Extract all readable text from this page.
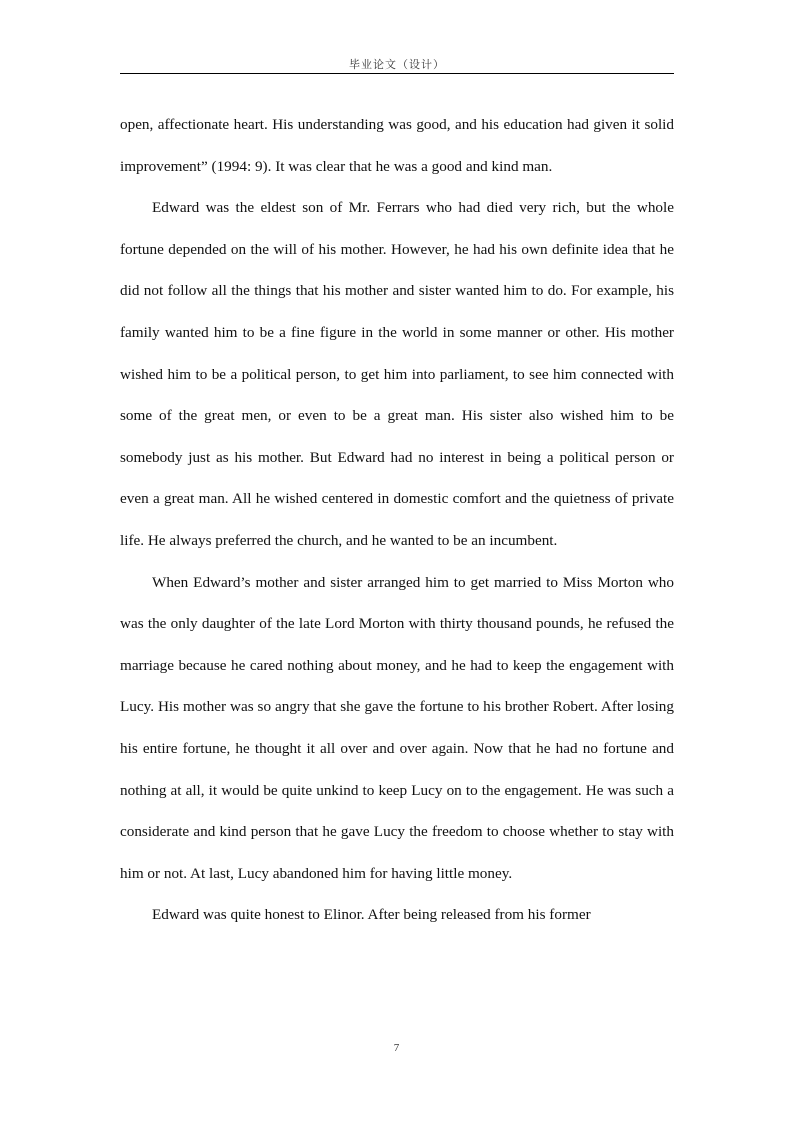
毕业论文（设计）

open, affectionate heart. His understanding was good, and his education had given it solid improvement” (1994: 9). It was clear that he was a good and kind man.

Edward was the eldest son of Mr. Ferrars who had died very rich, but the whole fortune depended on the will of his mother. However, he had his own definite idea that he did not follow all the things that his mother and sister wanted him to do. For example, his family wanted him to be a fine figure in the world in some manner or other. His mother wished him to be a political person, to get him into parliament, to see him connected with some of the great men, or even to be a great man. His sister also wished him to be somebody just as his mother. But Edward had no interest in being a political person or even a great man. All he wished centered in domestic comfort and the quietness of private life. He always preferred the church, and he wanted to be an incumbent.

When Edward’s mother and sister arranged him to get married to Miss Morton who was the only daughter of the late Lord Morton with thirty thousand pounds, he refused the marriage because he cared nothing about money, and he had to keep the engagement with Lucy. His mother was so angry that she gave the fortune to his brother Robert. After losing his entire fortune, he thought it all over and over again. Now that he had no fortune and nothing at all, it would be quite unkind to keep Lucy on to the engagement. He was such a considerate and kind person that he gave Lucy the freedom to choose whether to stay with him or not. At last, Lucy abandoned him for having little money.

Edward was quite honest to Elinor. After being released from his former

7
